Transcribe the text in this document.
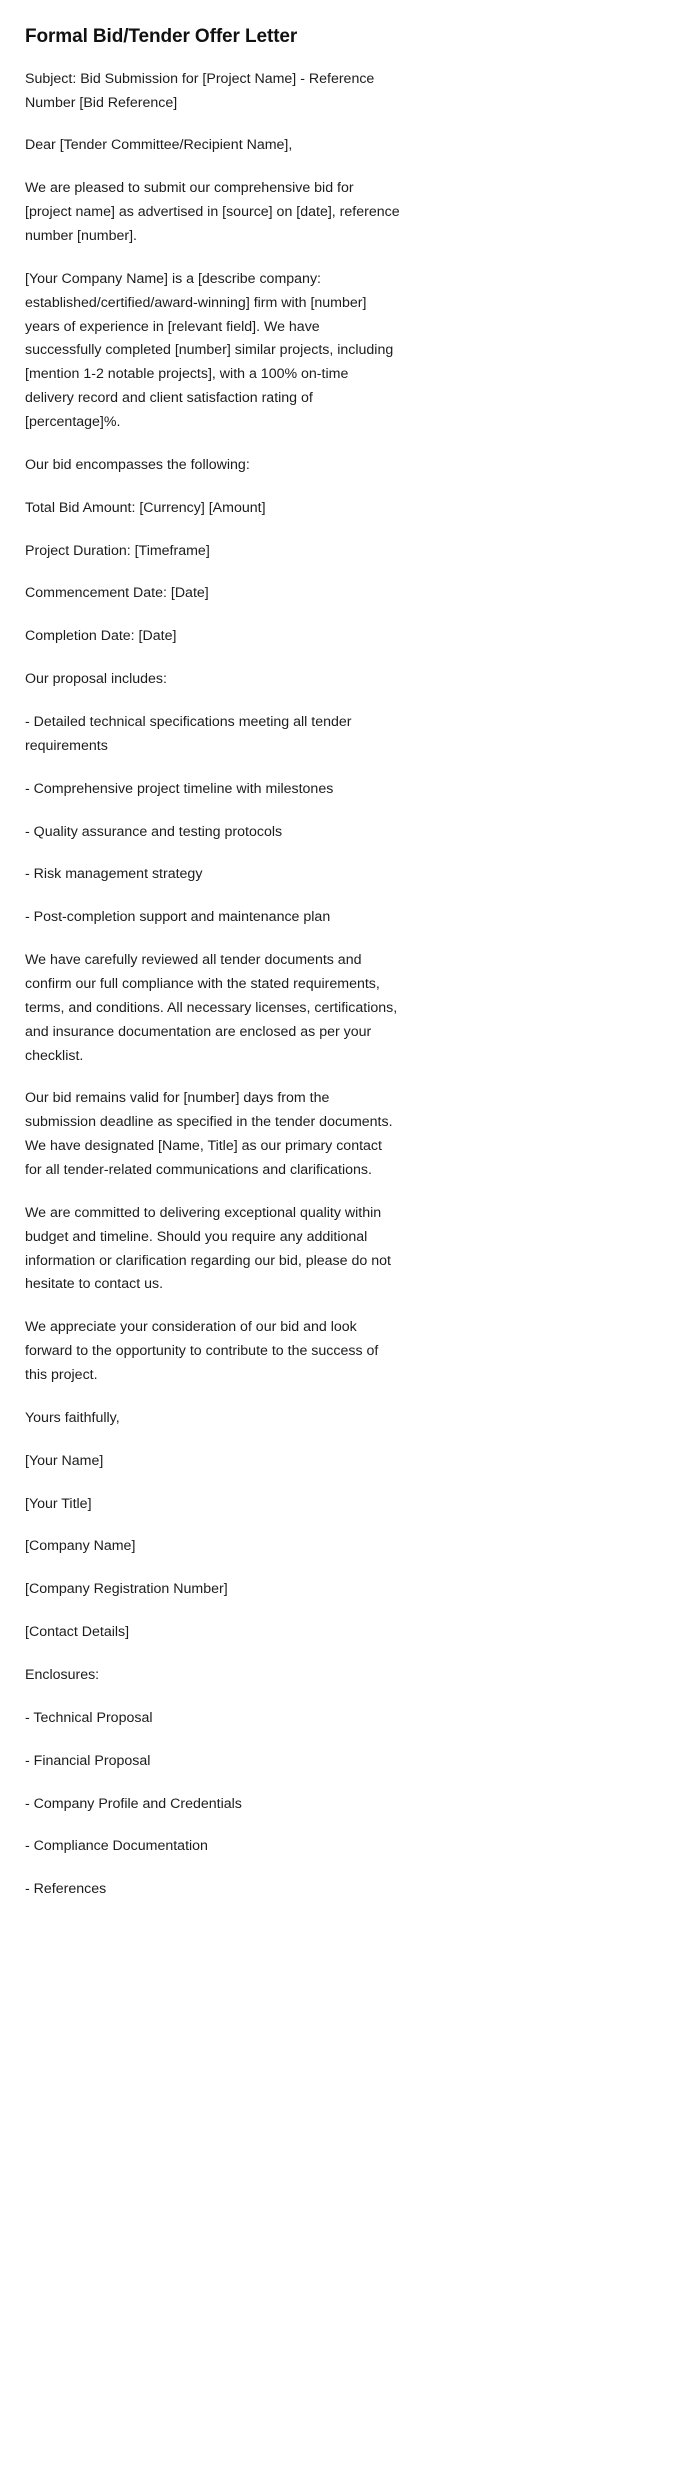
Formal Bid/Tender Offer Letter

Subject: Bid Submission for [Project Name] - Reference Number [Bid Reference]

Dear [Tender Committee/Recipient Name],

We are pleased to submit our comprehensive bid for [project name] as advertised in [source] on [date], reference number [number].

[Your Company Name] is a [describe company: established/certified/award-winning] firm with [number] years of experience in [relevant field]. We have successfully completed [number] similar projects, including [mention 1-2 notable projects], with a 100% on-time delivery record and client satisfaction rating of [percentage]%.

Our bid encompasses the following:

Total Bid Amount: [Currency] [Amount]

Project Duration: [Timeframe]

Commencement Date: [Date]

Completion Date: [Date]

Our proposal includes:

- Detailed technical specifications meeting all tender requirements

- Comprehensive project timeline with milestones

- Quality assurance and testing protocols

- Risk management strategy

- Post-completion support and maintenance plan

We have carefully reviewed all tender documents and confirm our full compliance with the stated requirements, terms, and conditions. All necessary licenses, certifications, and insurance documentation are enclosed as per your checklist.

Our bid remains valid for [number] days from the submission deadline as specified in the tender documents. We have designated [Name, Title] as our primary contact for all tender-related communications and clarifications.

We are committed to delivering exceptional quality within budget and timeline. Should you require any additional information or clarification regarding our bid, please do not hesitate to contact us.

We appreciate your consideration of our bid and look forward to the opportunity to contribute to the success of this project.

Yours faithfully,

[Your Name]

[Your Title]

[Company Name]

[Company Registration Number]

[Contact Details]

Enclosures:

- Technical Proposal

- Financial Proposal

- Company Profile and Credentials

- Compliance Documentation

- References
